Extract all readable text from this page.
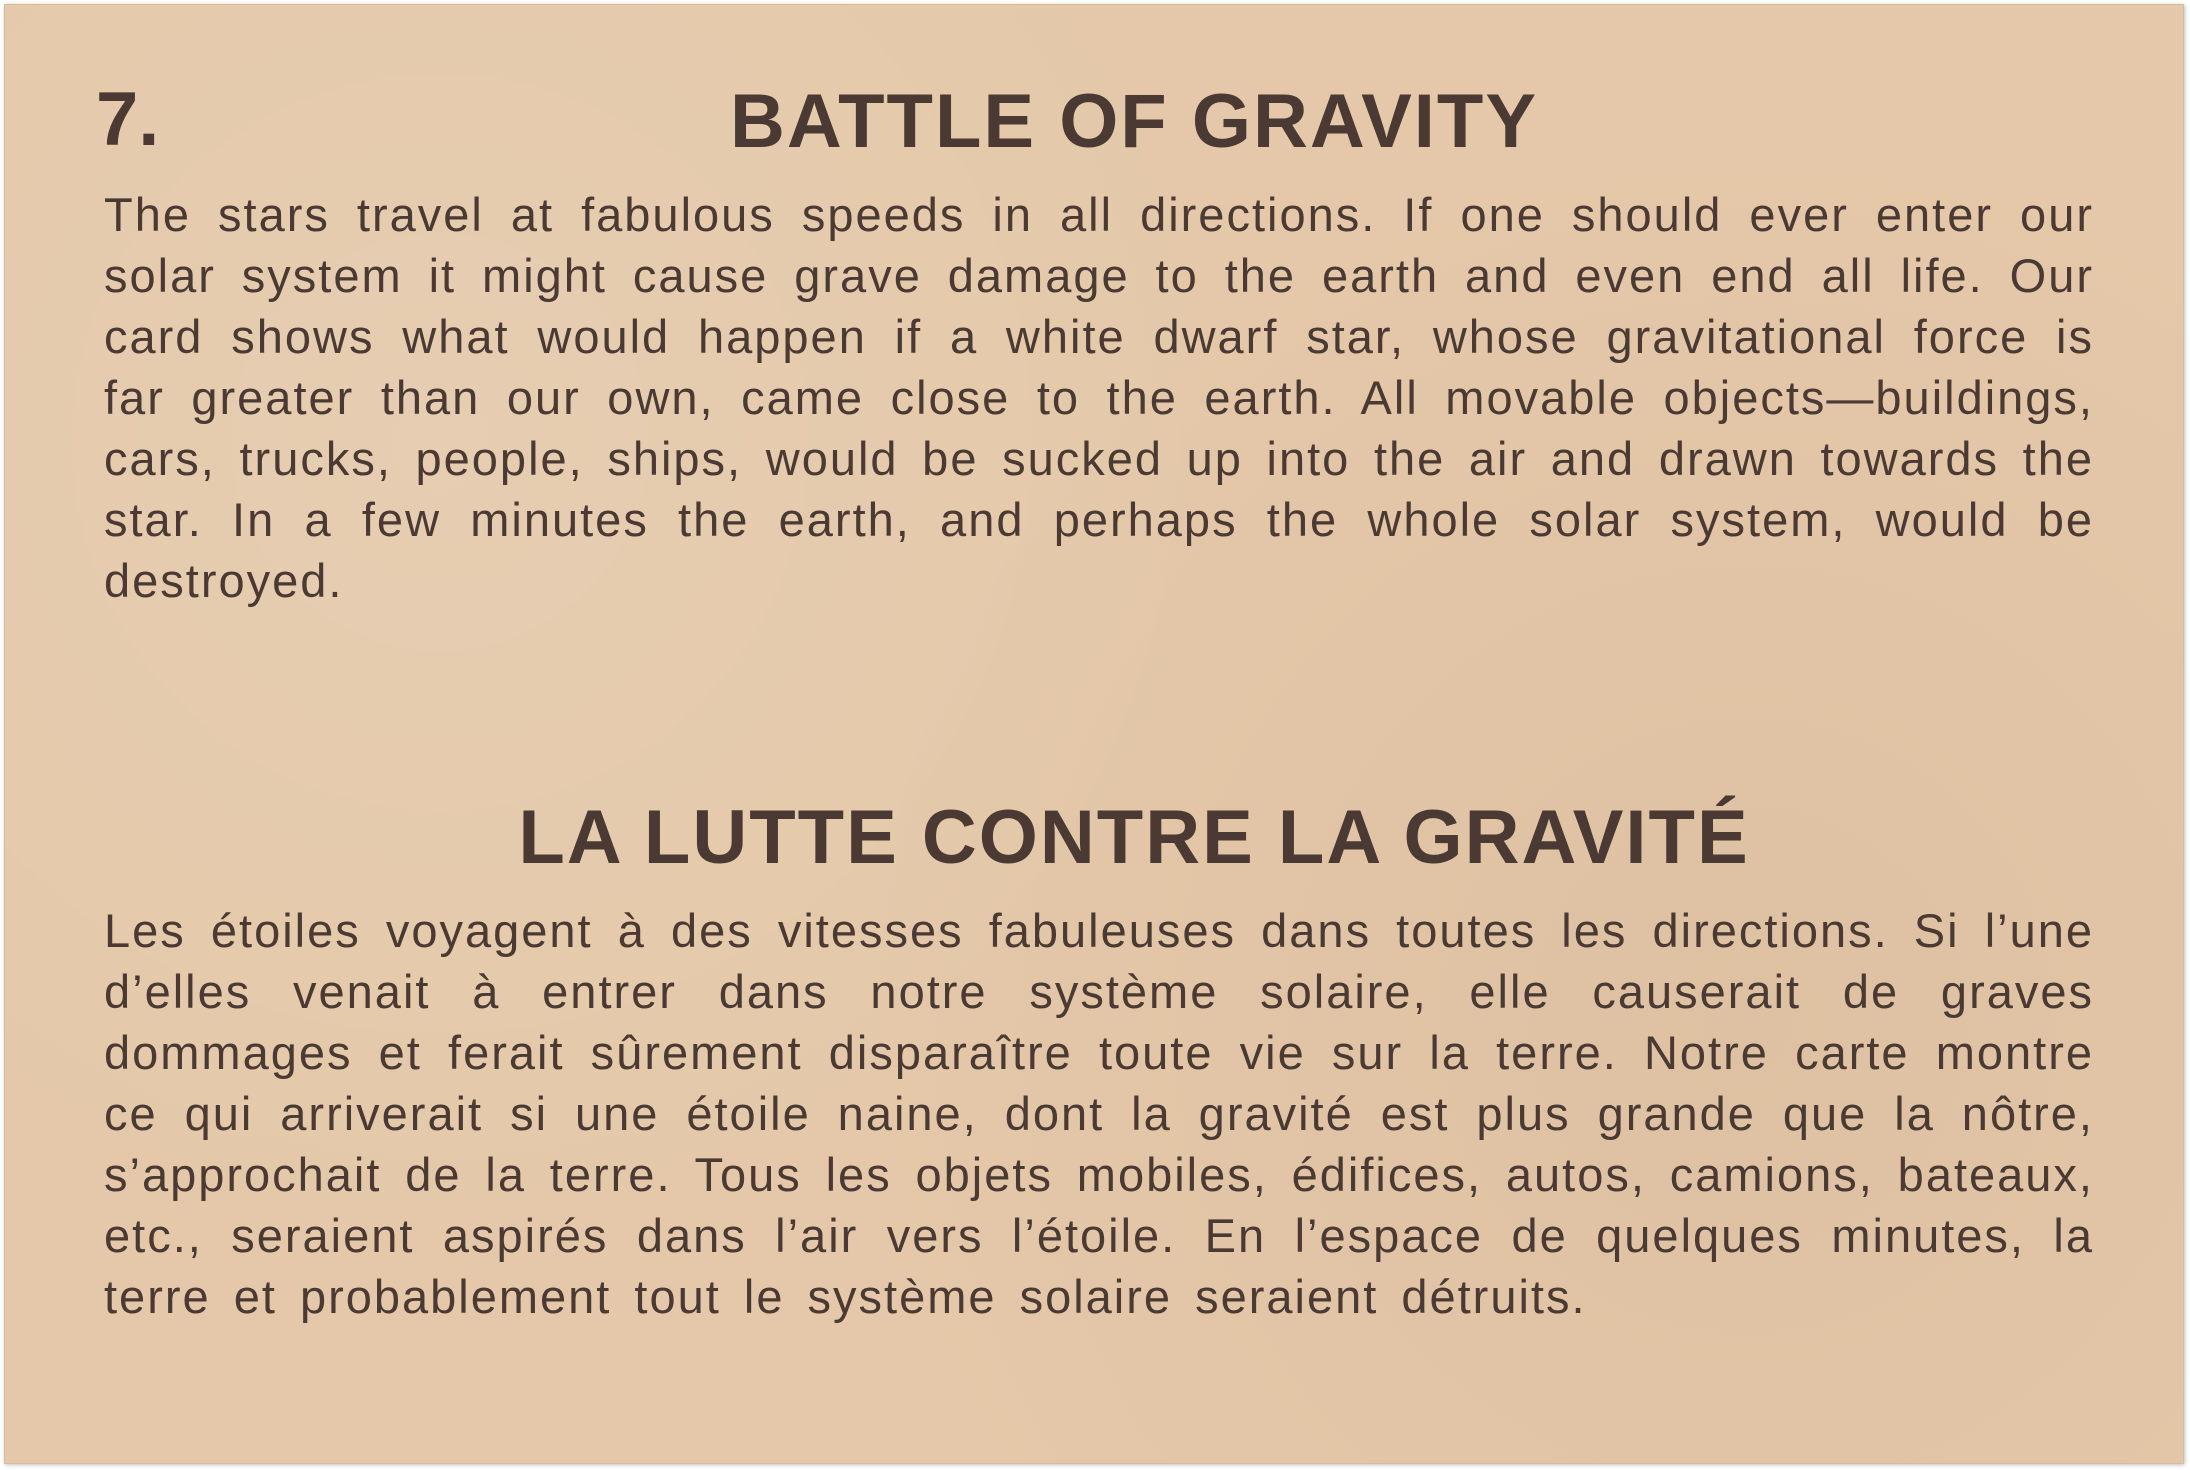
7.	BATTLE OF GRAVITY

The stars travel at fabulous speeds in all directions. If one should ever enter our solar system it might cause grave damage to the earth and even end all life. Our card shows what would happen if a white dwarf star, whose gravitational force is far greater than our own, came close to the earth. All movable objects—buildings, cars, trucks, people, ships, would be sucked up into the air and drawn towards the star. In a few minutes the earth, and perhaps the whole solar system, would be destroyed.

LA LUTTE CONTRE LA GRAVITÉ

Les étoiles voyagent à des vitesses fabuleuses dans toutes les directions. Si l’une d’elles venait à entrer dans notre système solaire, elle causerait de graves dommages et ferait sûrement disparaître toute vie sur la terre. Notre carte montre ce qui arriverait si une étoile naine, dont la gravité est plus grande que la nôtre, s’approchait de la terre. Tous les objets mobiles, édifices, autos, camions, bateaux, etc., seraient aspirés dans l’air vers l’étoile. En l’espace de quelques minutes, la terre et probablement tout le système solaire seraient détruits.
